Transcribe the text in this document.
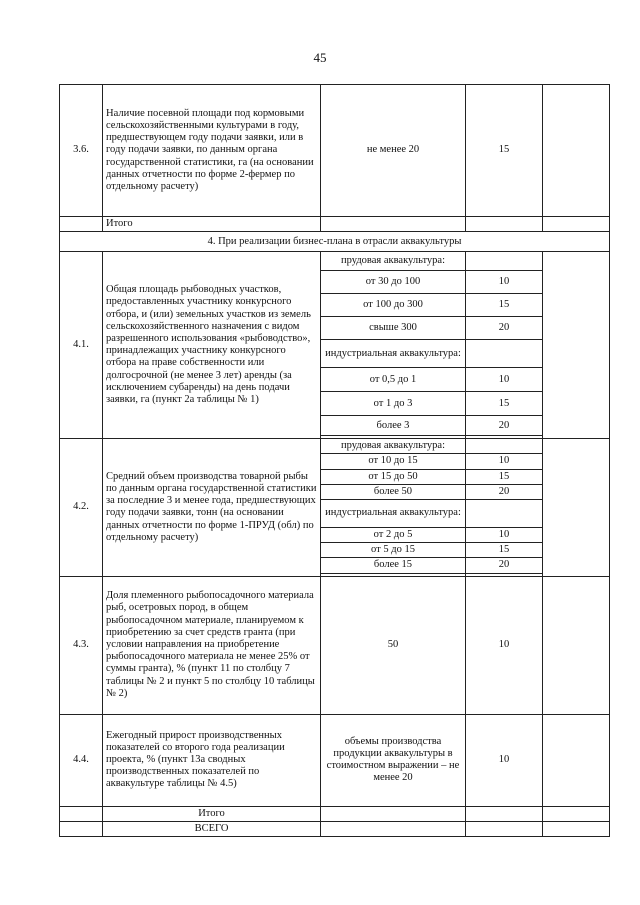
45
3.6.	Наличие посевной площади под кормовыми сельскохозяйственными культурами в году, предшествующем году подачи заявки, или в году подачи заявки, по данным органа государственной статистики, га (на основании данных отчетности по форме 2-фермер по отдельному расчету)	не менее 20	15	
	Итого			
4. При реализации бизнес-плана в отрасли аквакультуры				
4.1.	Общая площадь рыбоводных участков, предоставленных участнику конкурсного отбора, и (или) земельных участков из земель сельскохозяйственного назначения с видом разрешенного использования «рыбоводство», принадлежащих участнику конкурсного отбора на праве собственности или долгосрочной (не менее 3 лет) аренды (за исключением субаренды) на день подачи заявки, га (пункт 2а таблицы № 1)	прудовая аквакультура:		
		от 30 до 100	10	
		от 100 до 300	15	
		свыше 300	20	
		индустриальная аквакультура:		
		от 0,5 до 1	10	
		от 1 до 3	15	
		более 3	20	

4.2.	Средний объем производства товарной рыбы по данным органа государственной статистики за последние 3 и менее года, предшествующих году подачи заявки, тонн (на основании данных отчетности по форме 1-ПРУД (обл) по отдельному расчету)	прудовая аквакультура:		
		от 10 до 15	10	
		от 15 до 50	15	
		более 50	20	
		индустриальная аквакультура:		
		от 2 до 5	10	
		от 5 до 15	15	
		более 15	20	

4.3.	Доля племенного рыбопосадочного материала рыб, осетровых пород, в общем рыбопосадочном материале, планируемом к приобретению за счет средств гранта (при условии направления на приобретение рыбопосадочного материала не менее 25% от суммы гранта), % (пункт 11 по столбцу 7 таблицы № 2 и пункт 5 по столбцу 10 таблицы № 2)	50	10	
4.4.	Ежегодный прирост производственных показателей со второго года реализации проекта, % (пункт 13а сводных производственных показателей по аквакультуре таблицы № 4.5)	объемы производства продукции аквакультуры в стоимостном выражении – не менее 20	10	
	Итого			
	ВСЕГО			
